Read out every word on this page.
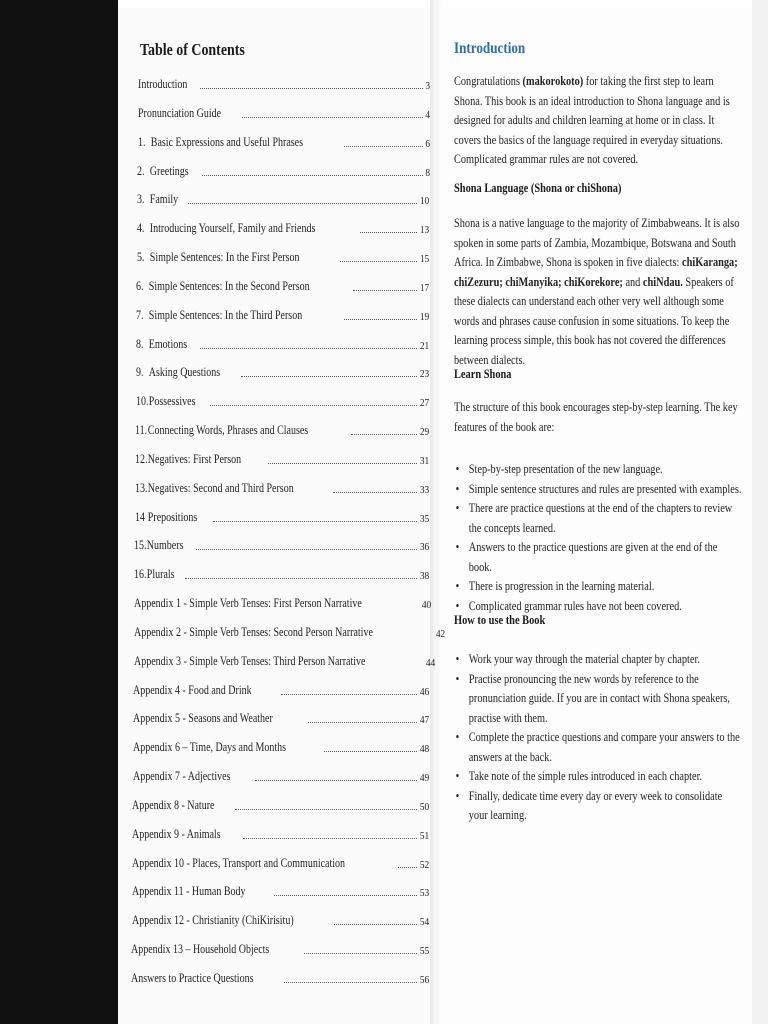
Table of Contents
Introduction	3
Pronunciation Guide	4
1. Basic Expressions and Useful Phrases	6
2. Greetings	8
3. Family	10
4. Introducing Yourself, Family and Friends	13
5. Simple Sentences: In the First Person	15
6. Simple Sentences: In the Second Person	17
7. Simple Sentences: In the Third Person	19
8. Emotions	21
9. Asking Questions	23
10.Possessives	27
11.Connecting Words, Phrases and Clauses	29
12.Negatives: First Person	31
13.Negatives: Second and Third Person	33
14 Prepositions	35
15.Numbers	36
16.Plurals	38
Appendix 1 - Simple Verb Tenses: First Person Narrative	40
Appendix 2 - Simple Verb Tenses: Second Person Narrative	42
Appendix 3 - Simple Verb Tenses: Third Person Narrative	44
Appendix 4 - Food and Drink	46
Appendix 5 - Seasons and Weather	47
Appendix 6 – Time, Days and Months	48
Appendix 7 - Adjectives	49
Appendix 8 - Nature	50
Appendix 9 - Animals	51
Appendix 10 - Places, Transport and Communication	52
Appendix 11 - Human Body	53
Appendix 12 - Christianity (ChiKirisitu)	54
Appendix 13 – Household Objects	55
Answers to Practice Questions	56
Introduction
Congratulations (makorokoto) for taking the first step to learn Shona. This book is an ideal introduction to Shona language and is designed for adults and children learning at home or in class. It covers the basics of the language required in everyday situations. Complicated grammar rules are not covered.
Shona Language (Shona or chiShona)
Shona is a native language to the majority of Zimbabweans. It is also spoken in some parts of Zambia, Mozambique, Botswana and South Africa. In Zimbabwe, Shona is spoken in five dialects: chiKaranga; chiZezuru; chiManyika; chiKorekore; and chiNdau. Speakers of these dialects can understand each other very well although some words and phrases cause confusion in some situations. To keep the learning process simple, this book has not covered the differences between dialects.
Learn Shona
The structure of this book encourages step-by-step learning. The key features of the book are:
• Step-by-step presentation of the new language.
• Simple sentence structures and rules are presented with examples.
• There are practice questions at the end of the chapters to review the concepts learned.
• Answers to the practice questions are given at the end of the book.
• There is progression in the learning material.
• Complicated grammar rules have not been covered.
How to use the Book
• Work your way through the material chapter by chapter.
• Practise pronouncing the new words by reference to the pronunciation guide. If you are in contact with Shona speakers, practise with them.
• Complete the practice questions and compare your answers to the answers at the back.
• Take note of the simple rules introduced in each chapter.
• Finally, dedicate time every day or every week to consolidate your learning.
